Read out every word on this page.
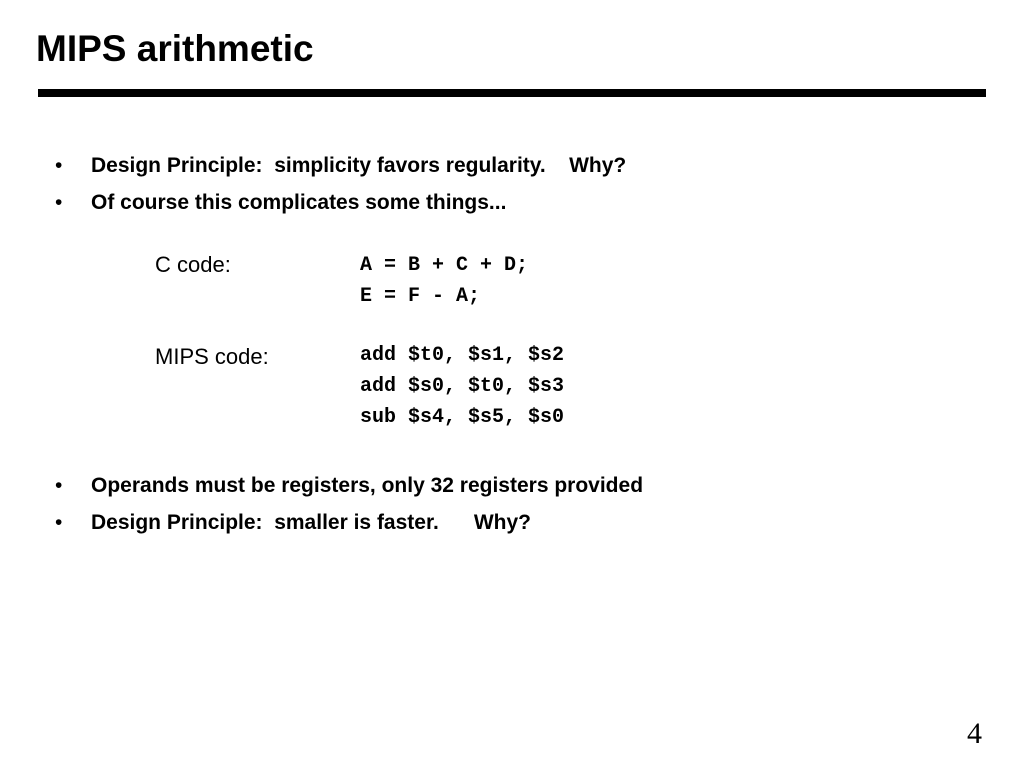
MIPS arithmetic

•

Design Principle:  simplicity favors regularity.    Why?

•

Of course this complicates some things...

C code:	A = B + C + D;
E = F - A;
MIPS code:	add $t0, $s1, $s2
add $s0, $t0, $s3
sub $s4, $s5, $s0

•

Operands must be registers, only 32 registers provided

•

Design Principle:  smaller is faster.      Why?

4
